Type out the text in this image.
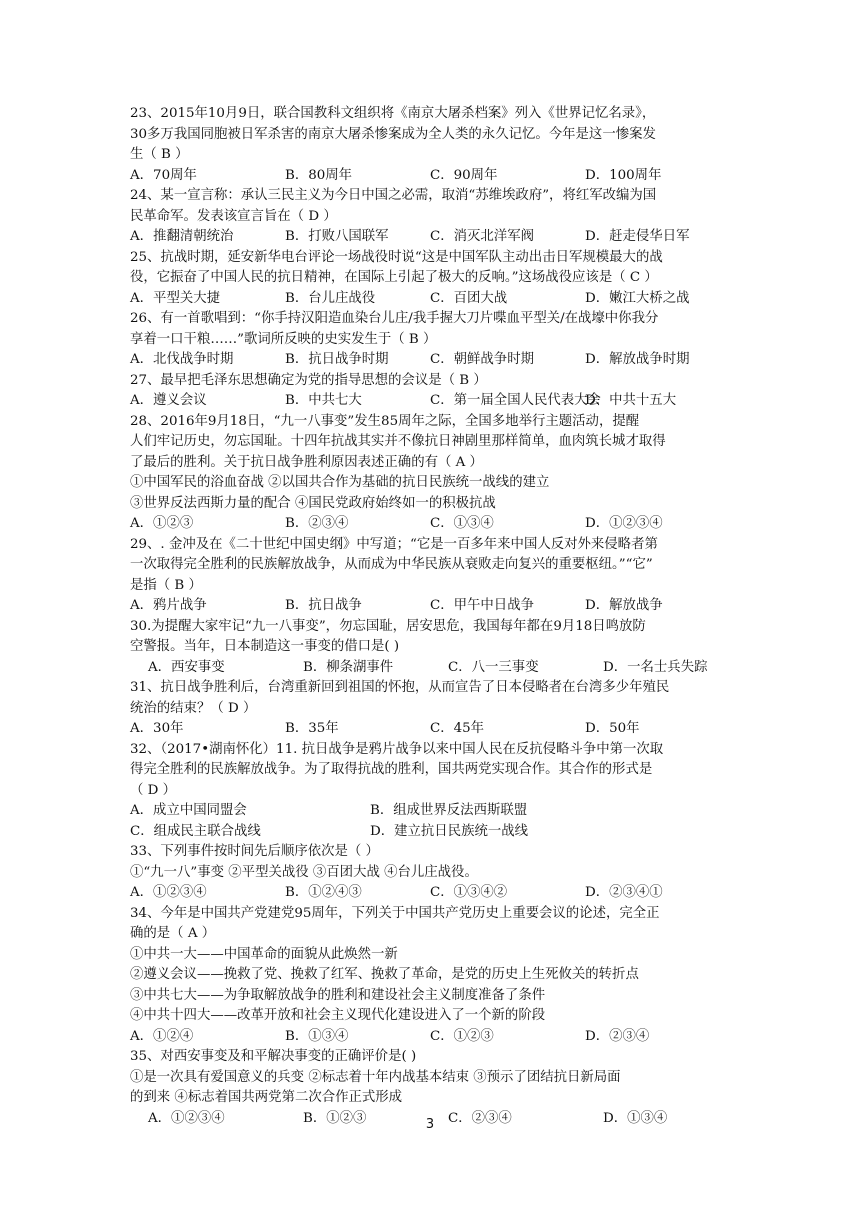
23、2015年10月9日，联合国教科文组织将《南京大屠杀档案》列入《世界记忆名录》，
30多万我国同胞被日军杀害的南京大屠杀惨案成为全人类的永久记忆。今年是这一惨案发
生（ B ）
A．70周年	B．80周年	C．90周年	D．100周年
24、某一宣言称：承认三民主义为今日中国之必需，取消“苏维埃政府”，将红军改编为国
民革命军。发表该宣言旨在（ D ）
A．推翻清朝统治	B．打败八国联军	C．消灭北洋军阀	D．赶走侵华日军
25、抗战时期，延安新华电台评论一场战役时说“这是中国军队主动出击日军规模最大的战
役，它振奋了中国人民的抗日精神，在国际上引起了极大的反响。”这场战役应该是（ C ）
A．平型关大捷	B．台儿庄战役	C．百团大战	D．嫩江大桥之战
26、有一首歌唱到：“你手持汉阳造血染台儿庄/我手握大刀片喋血平型关/在战壕中你我分
享着一口干粮……”歌词所反映的史实发生于（ B ）
A．北伐战争时期	B．抗日战争时期	C．朝鲜战争时期	D．解放战争时期
27、最早把毛泽东思想确定为党的指导思想的会议是（ B ）
A．遵义会议	B．中共七大	C．第一届全国人民代表大会
D．中共十五大
28、2016年9月18日，“九一八事变”发生85周年之际，全国多地举行主题活动，提醒
人们牢记历史，勿忘国耻。十四年抗战其实并不像抗日神剧里那样简单，血肉筑长城才取得
了最后的胜利。关于抗日战争胜利原因表述正确的有（ A ）
①中国军民的浴血奋战 ②以国共合作为基础的抗日民族统一战线的建立
③世界反法西斯力量的配合 ④国民党政府始终如一的积极抗战
A．①②③	B．②③④	C．①③④	D．①②③④
29、. 金冲及在《二十世纪中国史纲》中写道；“它是一百多年来中国人反对外来侵略者第
一次取得完全胜利的民族解放战争，从而成为中华民族从衰败走向复兴的重要枢纽。”“它”
是指（ B ）
A．鸦片战争	B．抗日战争	C．甲午中日战争	D．解放战争
30.为提醒大家牢记“九一八事变”，勿忘国耻，居安思危，我国每年都在9月18日鸣放防
空警报。当年，日本制造这一事变的借口是( )
A．西安事变	B．柳条湖事件	C．八一三事变	D．一名士兵失踪
31、抗日战争胜利后，台湾重新回到祖国的怀抱，从而宣告了日本侵略者在台湾多少年殖民
统治的结束？（ D ）
A．30年	B．35年	C．45年	D．50年
32、（2017•湖南怀化）11. 抗日战争是鸦片战争以来中国人民在反抗侵略斗争中第一次取
得完全胜利的民族解放战争。为了取得抗战的胜利，国共两党实现合作。其合作的形式是
（ D ）
A．成立中国同盟会	B．组成世界反法西斯联盟
C．组成民主联合战线	D．建立抗日民族统一战线
33、下列事件按时间先后顺序依次是（ ）
①“九一八”事变 ②平型关战役 ③百团大战 ④台儿庄战役。
A．①②③④	B．①②④③	C．①③④②	D．②③④①
34、今年是中国共产党建党95周年，下列关于中国共产党历史上重要会议的论述，完全正
确的是（ A ）
①中共一大——中国革命的面貌从此焕然一新
②遵义会议——挽救了党、挽救了红军、挽救了革命，是党的历史上生死攸关的转折点
③中共七大——为争取解放战争的胜利和建设社会主义制度准备了条件
④中共十四大——改革开放和社会主义现代化建设进入了一个新的阶段
A．①②④	B．①③④	C．①②③	D．②③④
35、对西安事变及和平解决事变的正确评价是( )
①是一次具有爱国意义的兵变 ②标志着十年内战基本结束 ③预示了团结抗日新局面
的到来 ④标志着国共两党第二次合作正式形成
A．①②③④	B．①②③	C．②③④	D．①③④
3
